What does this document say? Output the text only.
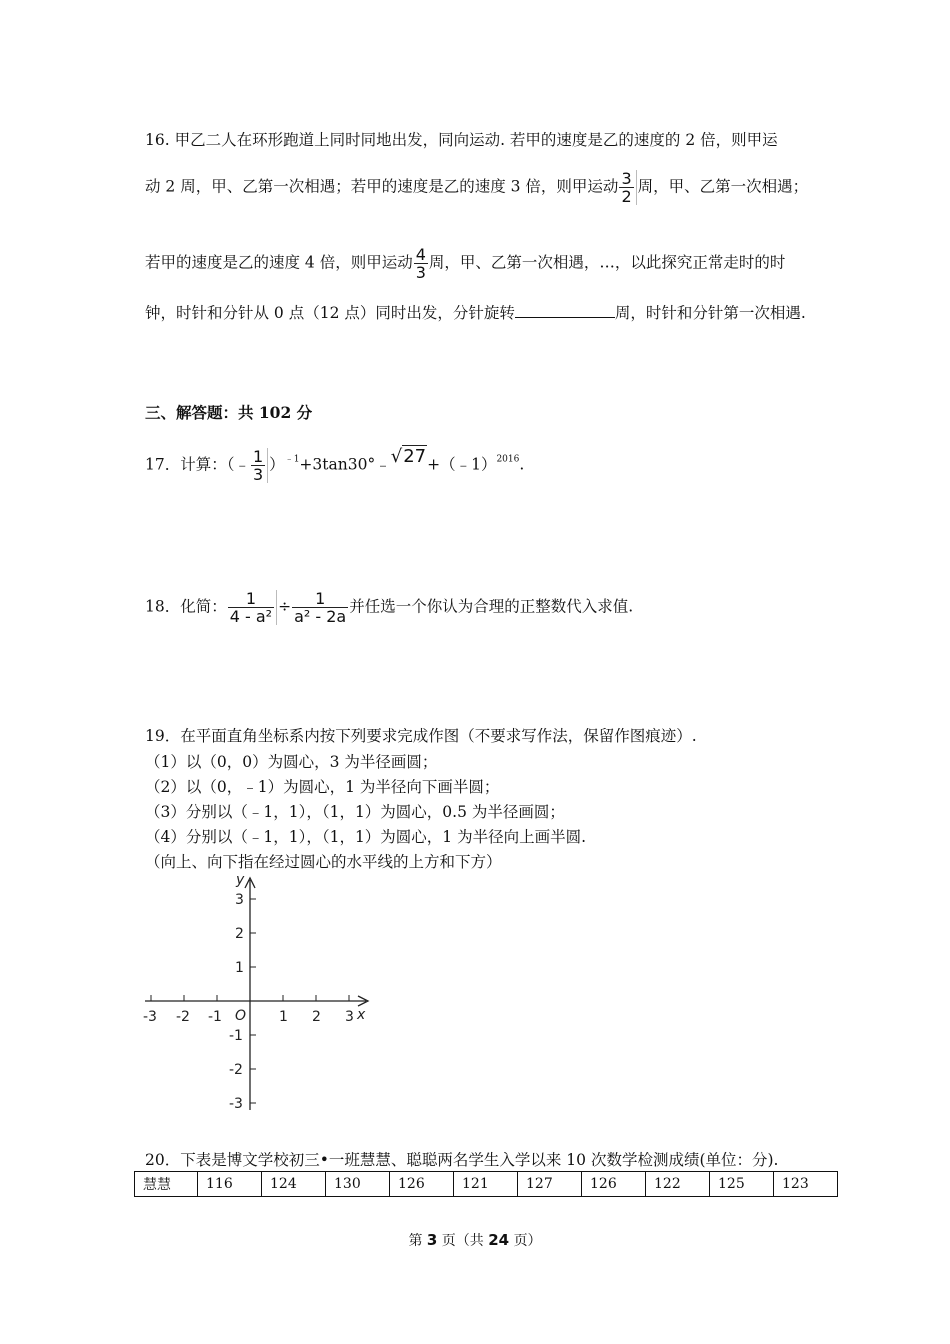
16. 甲乙二人在环形跑道上同时同地出发，同向运动. 若甲的速度是乙的速度的 2 倍，则甲运
动 2 周，甲、乙第一次相遇；若甲的速度是乙的速度 3 倍，则甲运动 $\frac{3}{2}$ 周，甲、乙第一次相遇；
若甲的速度是乙的速度 4 倍，则甲运动 $\frac{4}{3}$ 周，甲、乙第一次相遇，…，以此探究正常走时的时
钟，时针和分针从 0 点（12 点）同时出发，分针旋转	周，时针和分针第一次相遇.
三、解答题：共 102 分
17．计算：（﹣ $\frac{1}{3}$ ）$^{﹣1}$+3tan30°﹣√27+（﹣1）$^{2016}$.
18．化简： $\frac{1}{\text{4 - a²}} \div \frac{1}{\text{a² - 2a}}$ 并任选一个你认为合理的正整数代入求值.
19．在平面直角坐标系内按下列要求完成作图（不要求写作法，保留作图痕迹）.
（1）以（0，0）为圆心，3 为半径画圆；
（2）以（0，﹣1）为圆心，1 为半径向下画半圆；
（3）分别以（﹣1，1），（1，1）为圆心，0.5 为半径画圆；
（4）分别以（﹣1，1），（1，1）为圆心，1 为半径向上画半圆.
（向上、向下指在经过圆心的水平线的上方和下方）
x
y
O
-3 -2 -1	1 2 3
3
2
1
-1
-2
-3
20．下表是博文学校初三•一班慧慧、聪聪两名学生入学以来 10 次数学检测成绩(单位：分).
慧慧	116	124	130	126	121	127	126	122	125	123
第 3 页（共 24 页）
